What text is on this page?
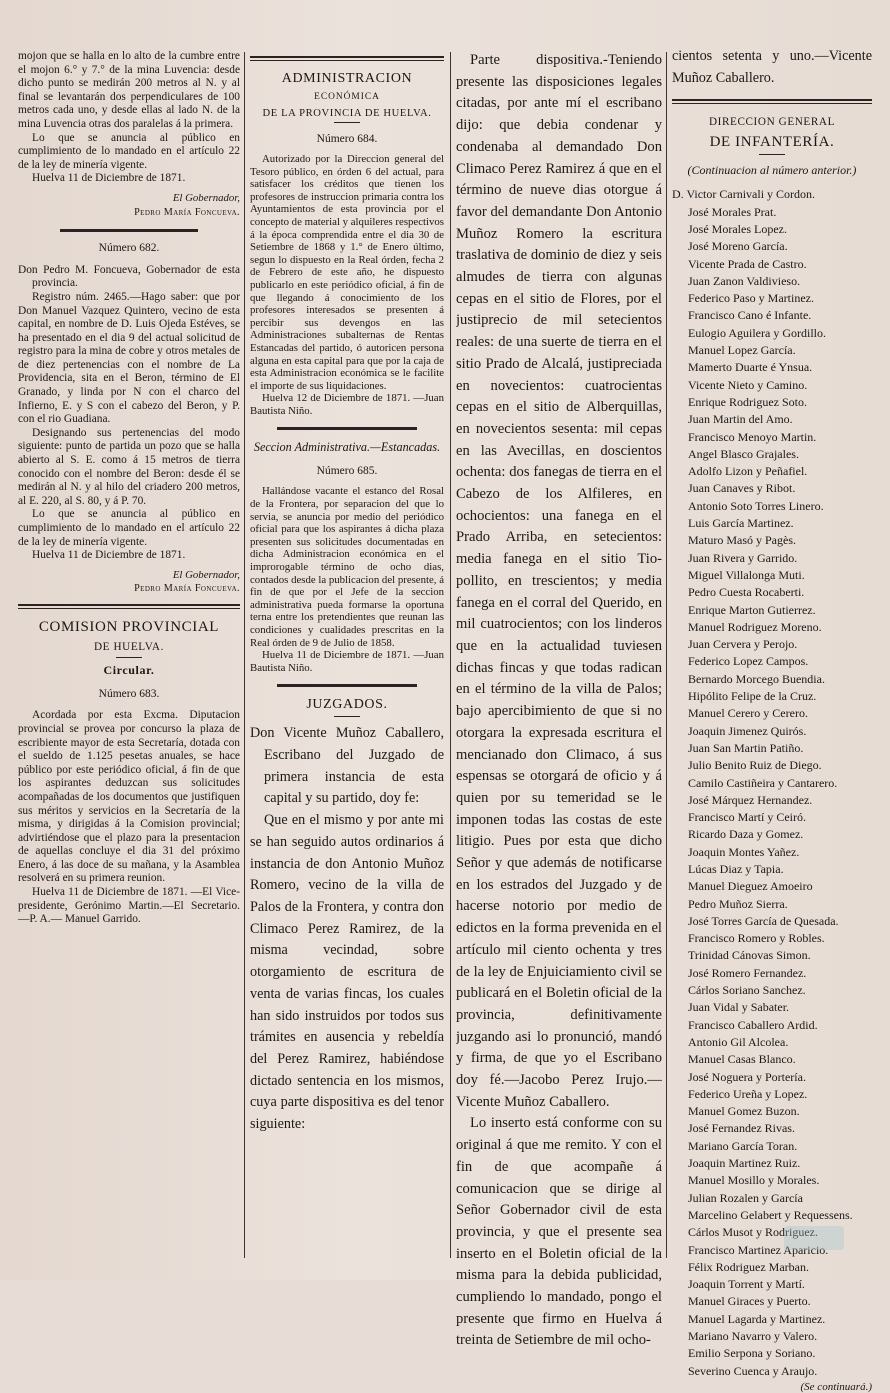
mojon que se halla en lo alto de la cumbre entre el mojon 6.° y 7.° de la mina Luvencia: desde dicho punto se medirán 200 metros al N. y al final se levantarán dos perpendiculares de 100 metros cada uno, y desde ellas al lado N. de la mina Luvencia otras dos paralelas á la primera.

Lo que se anuncia al público en cumplimiento de lo mandado en el artículo 22 de la ley de minería vigente.

Huelva 11 de Diciembre de 1871.

El Gobernador,
Pedro María Foncueva.
Número 682.

Don Pedro M. Foncueva, Gobernador de esta provincia.

Registro núm. 2465.—Hago saber: que por Don Manuel Vazquez Quintero, vecino de esta capital, en nombre de D. Luis Ojeda Estéves, se ha presentado en el dia 9 del actual solicitud de registro para la mina de cobre y otros metales de de diez pertenencias con el nombre de La Providencia, sita en el Beron, término de El Granado, y linda por N con el charco del Infierno, E. y S con el cabezo del Beron, y P. con el rio Guadiana.

Designando sus pertenencias del modo siguiente: punto de partida un pozo que se halla abierto al S. E. como á 15 metros de tierra conocido con el nombre del Beron: desde él se medirán al N. y al hilo del criadero 200 metros, al E. 220, al S. 80, y á P. 70.

Lo que se anuncia al público en cumplimiento de lo mandado en el artículo 22 de la ley de minería vigente.

Huelva 11 de Diciembre de 1871.

El Gobernador,
Pedro María Foncueva.
COMISION PROVINCIAL
DE HUELVA.
Circular.
Número 683.

Acordada por esta Excma. Diputacion provincial se provea por concurso la plaza de escribiente mayor de esta Secretaría, dotada con el sueldo de 1.125 pesetas anuales, se hace público por este periódico oficial, á fin de que los aspirantes deduzcan sus solicitudes acompañadas de los documentos que justifiquen sus méritos y servicios en la Secretaría de la misma, y dirigidas á la Comision provincial; advirtiéndose que el plazo para la presentacion de aquellas concluye el dia 31 del próximo Enero, á las doce de su mañana, y la Asamblea resolverá en su primera reunion.

Huelva 11 de Diciembre de 1871. —El Vice-presidente, Gerónimo Martin.—El Secretario. —P. A.— Manuel Garrido.

ADMINISTRACION
ECONÓMICA
DE LA PROVINCIA DE HUELVA.
Número 684.

Autorizado por la Direccion general del Tesoro público, en órden 6 del actual, para satisfacer los créditos que tienen los profesores de instruccion primaria contra los Ayuntamientos de esta provincia por el concepto de material y alquileres respectivos á la época comprendida entre el dia 30 de Setiembre de 1868 y 1.° de Enero último, segun lo dispuesto en la Real órden, fecha 2 de Febrero de este año, he dispuesto publicarlo en este periódico oficial, á fin de que llegando á conocimiento de los profesores interesados se presenten á percibir sus devengos en las Administraciones subalternas de Rentas Estancadas del partido, ó autoricen persona alguna en esta capital para que por la caja de esta Administracion económica se le facilite el importe de sus liquidaciones.

Huelva 12 de Diciembre de 1871. —Juan Bautista Niño.

Seccion Administrativa.—Estancadas.
Número 685.

Hallándose vacante el estanco del Rosal de la Frontera, por separacion del que lo servia, se anuncia por medio del periódico oficial para que los aspirantes á dicha plaza presenten sus solicitudes documentadas en dicha Administracion económica en el improrogable término de ocho dias, contados desde la publicacion del presente, á fin de que por el Jefe de la seccion administrativa pueda formarse la oportuna terna entre los pretendientes que reunan las condiciones y cualidades prescritas en la Real órden de 9 de Julio de 1858.

Huelva 11 de Diciembre de 1871. —Juan Bautista Niño.

JUZGADOS.

Don Vicente Muñoz Caballero, Escribano del Juzgado de primera instancia de esta capital y su partido, doy fe:

Que en el mismo y por ante mi se han seguido autos ordinarios á instancia de don Antonio Muñoz Romero, vecino de la villa de Palos de la Frontera, y contra don Climaco Perez Ramirez, de la misma vecindad, sobre otorgamiento de escritura de venta de varias fincas, los cuales han sido instruidos por todos sus trámites en ausencia y rebeldía del Perez Ramirez, habiéndose dictado sentencia en los mismos, cuya parte dispositiva es del tenor siguiente:

Parte dispositiva.-Teniendo presente las disposiciones legales citadas, por ante mí el escribano dijo: que debia condenar y condenaba al demandado Don Climaco Perez Ramirez á que en el término de nueve dias otorgue á favor del demandante Don Antonio Muñoz Romero la escritura traslativa de dominio de diez y seis almudes de tierra con algunas cepas en el sitio de Flores, por el justiprecio de mil setecientos reales: de una suerte de tierra en el sitio Prado de Alcalá, justipreciada en novecientos: cuatrocientas cepas en el sitio de Alberquillas, en novecientos sesenta: mil cepas en las Avecillas, en doscientos ochenta: dos fanegas de tierra en el Cabezo de los Alfileres, en ochocientos: una fanega en el Prado Arriba, en setecientos: media fanega en el sitio Tio-pollito, en trescientos; y media fanega en el corral del Querido, en mil cuatrocientos; con los linderos que en la actualidad tuviesen dichas fincas y que todas radican en el término de la villa de Palos; bajo apercibimiento de que si no otorgara la expresada escritura el mencianado don Climaco, á sus espensas se otorgará de oficio y á quien por su temeridad se le imponen todas las costas de este litigio. Pues por esta que dicho Señor y que además de notificarse en los estrados del Juzgado y de hacerse notorio por medio de edictos en la forma prevenida en el artículo mil ciento ochenta y tres de la ley de Enjuiciamiento civil se publicará en el Boletin oficial de la provincia, definitivamente juzgando asi lo pronunció, mandó y firma, de que yo el Escribano doy fé.—Jacobo Perez Irujo.—Vicente Muñoz Caballero.

Lo inserto está conforme con su original á que me remito. Y con el fin de que acompañe á comunicacion que se dirige al Señor Gobernador civil de esta provincia, y que el presente sea inserto en el Boletin oficial de la misma para la debida publicidad, cumpliendo lo mandado, pongo el presente que firmo en Huelva á treinta de Setiembre de mil ocho-

cientos setenta y uno.—Vicente Muñoz Caballero.

DIRECCION GENERAL
DE INFANTERÍA.
(Continuacion al número anterior.)
D. Victor Carnivali y Cordon.
José Morales Prat.
José Morales Lopez.
José Moreno García.
Vicente Prada de Castro.
Juan Zanon Valdivieso.
Federico Paso y Martinez.
Francisco Cano é Infante.
Eulogio Aguilera y Gordillo.
Manuel Lopez García.
Mamerto Duarte é Ynsua.
Vicente Nieto y Camino.
Enrique Rodriguez Soto.
Juan Martin del Amo.
Francisco Menoyo Martin.
Angel Blasco Grajales.
Adolfo Lizon y Peñafiel.
Juan Canaves y Ribot.
Antonio Soto Torres Linero.
Luis García Martinez.
Maturo Masó y Pagès.
Juan Rivera y Garrido.
Miguel Villalonga Muti.
Pedro Cuesta Rocaberti.
Enrique Marton Gutierrez.
Manuel Rodriguez Moreno.
Juan Cervera y Perojo.
Federico Lopez Campos.
Bernardo Morcego Buendia.
Hipólito Felipe de la Cruz.
Manuel Cerero y Cerero.
Joaquin Jimenez Quirós.
Juan San Martin Patiño.
Julio Benito Ruiz de Diego.
Camilo Castiñeira y Cantarero.
José Márquez Hernandez.
Francisco Martí y Ceiró.
Ricardo Daza y Gomez.
Joaquin Montes Yañez.
Lúcas Diaz y Tapia.
Manuel Dieguez Amoeiro
Pedro Muñoz Sierra.
José Torres García de Quesada.
Francisco Romero y Robles.
Trinidad Cánovas Simon.
José Romero Fernandez.
Cárlos Soriano Sanchez.
Juan Vidal y Sabater.
Francisco Caballero Ardid.
Antonio Gil Alcolea.
Manuel Casas Blanco.
José Noguera y Portería.
Federico Ureña y Lopez.
Manuel Gomez Buzon.
José Fernandez Rivas.
Mariano García Toran.
Joaquin Martinez Ruiz.
Manuel Mosillo y Morales.
Julian Rozalen y García
Marcelino Gelabert y Requessens.
Cárlos Musot y Rodriguez.
Francisco Martinez Aparicio.
Félix Rodriguez Marban.
Joaquin Torrent y Martí.
Manuel Giraces y Puerto.
Manuel Lagarda y Martinez.
Mariano Navarro y Valero.
Emilio Serpona y Soriano.
Severino Cuenca y Araujo.
(Se continuará.)
